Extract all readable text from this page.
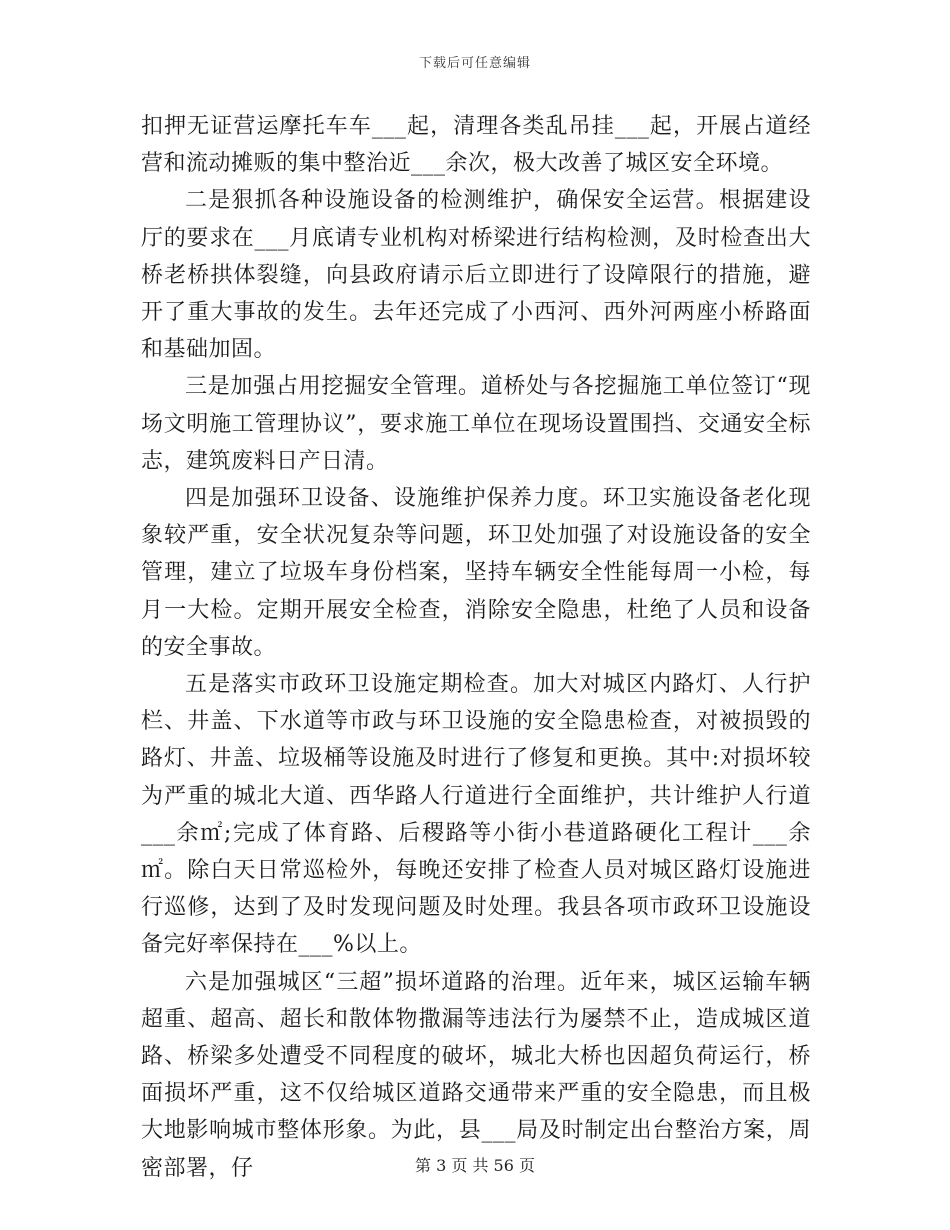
下载后可任意编辑

扣押无证营运摩托车车___起，清理各类乱吊挂___起，开展占道经营和流动摊贩的集中整治近___余次，极大改善了城区安全环境。

二是狠抓各种设施设备的检测维护，确保安全运营。根据建设厅的要求在___月底请专业机构对桥梁进行结构检测，及时检查出大桥老桥拱体裂缝，向县政府请示后立即进行了设障限行的措施，避开了重大事故的发生。去年还完成了小西河、西外河两座小桥路面和基础加固。

三是加强占用挖掘安全管理。道桥处与各挖掘施工单位签订“现场文明施工管理协议”，要求施工单位在现场设置围挡、交通安全标志，建筑废料日产日清。

四是加强环卫设备、设施维护保养力度。环卫实施设备老化现象较严重，安全状况复杂等问题，环卫处加强了对设施设备的安全管理，建立了垃圾车身份档案，坚持车辆安全性能每周一小检，每月一大检。定期开展安全检查，消除安全隐患，杜绝了人员和设备的安全事故。

五是落实市政环卫设施定期检查。加大对城区内路灯、人行护栏、井盖、下水道等市政与环卫设施的安全隐患检查，对被损毁的路灯、井盖、垃圾桶等设施及时进行了修复和更换。其中:对损坏较为严重的城北大道、西华路人行道进行全面维护，共计维护人行道___余㎡;完成了体育路、后稷路等小街小巷道路硬化工程计___余㎡。除白天日常巡检外，每晚还安排了检查人员对城区路灯设施进行巡修，达到了及时发现问题及时处理。我县各项市政环卫设施设备完好率保持在___%以上。

六是加强城区“三超”损坏道路的治理。近年来，城区运输车辆超重、超高、超长和散体物撒漏等违法行为屡禁不止，造成城区道路、桥梁多处遭受不同程度的破坏，城北大桥也因超负荷运行，桥面损坏严重，这不仅给城区道路交通带来严重的安全隐患，而且极大地影响城市整体形象。为此，县___局及时制定出台整治方案，周密部署，仔	第 3 页 共 56 页
